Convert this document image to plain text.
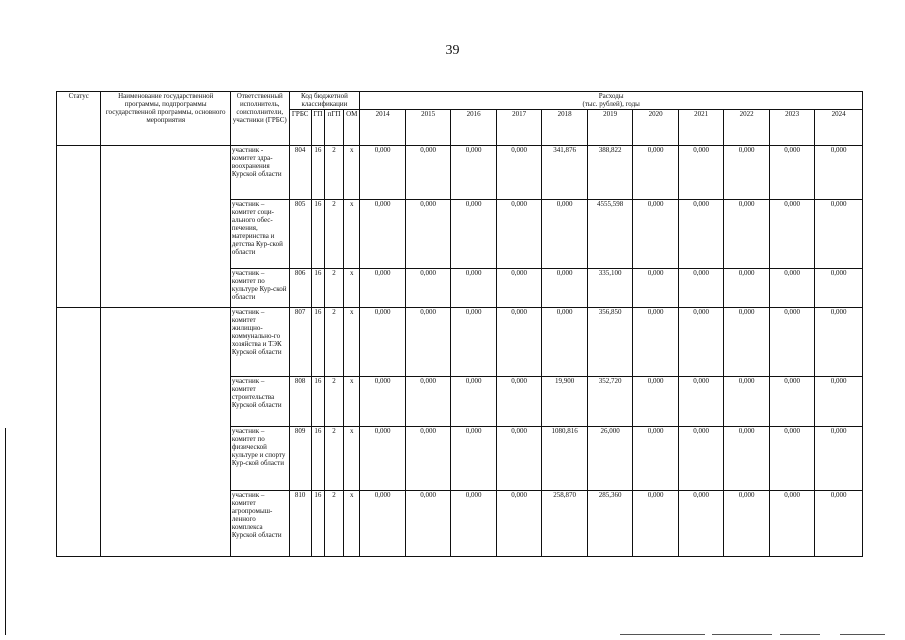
39
Статус	Наименование государственной программы, подпрограммы государственной программы, основного мероприятия	Ответственный исполнитель, соисполнители, участники (ГРБС)	Код бюджетной классификации				Расходы
(тыс. рублей), годы										

			ГРБС	ГП	пГП	ОМ	2014	2015	2016	2017	2018	2019	2020	2021	2022	2023	2024
		участник - комитет здра-воохранения Курской области	804	16	2	х	0,000	0,000	0,000	0,000	341,876	388,822	0,000	0,000	0,000	0,000	0,000
		участник – комитет соци-ального обес-печения, материнства и детства Кур-ской области	805	16	2	х	0,000	0,000	0,000	0,000	0,000	4555,598	0,000	0,000	0,000	0,000	0,000
		участник – комитет по культуре Кур-ской области	806	16	2	х	0,000	0,000	0,000	0,000	0,000	335,100	0,000	0,000	0,000	0,000	0,000
		участник – комитет жилищно-коммунально-го хозяйства и ТЭК Курской области	807	16	2	х	0,000	0,000	0,000	0,000	0,000	356,850	0,000	0,000	0,000	0,000	0,000
		участник – комитет строительства Курской области	808	16	2	х	0,000	0,000	0,000	0,000	19,900	352,720	0,000	0,000	0,000	0,000	0,000
		участник – комитет по физической культуре и спорту Кур-ской области	809	16	2	х	0,000	0,000	0,000	0,000	1080,816	26,000	0,000	0,000	0,000	0,000	0,000
		участник – комитет агропромыш-ленного комплекса Курской области	810	16	2	х	0,000	0,000	0,000	0,000	258,870	285,360	0,000	0,000	0,000	0,000	0,000
